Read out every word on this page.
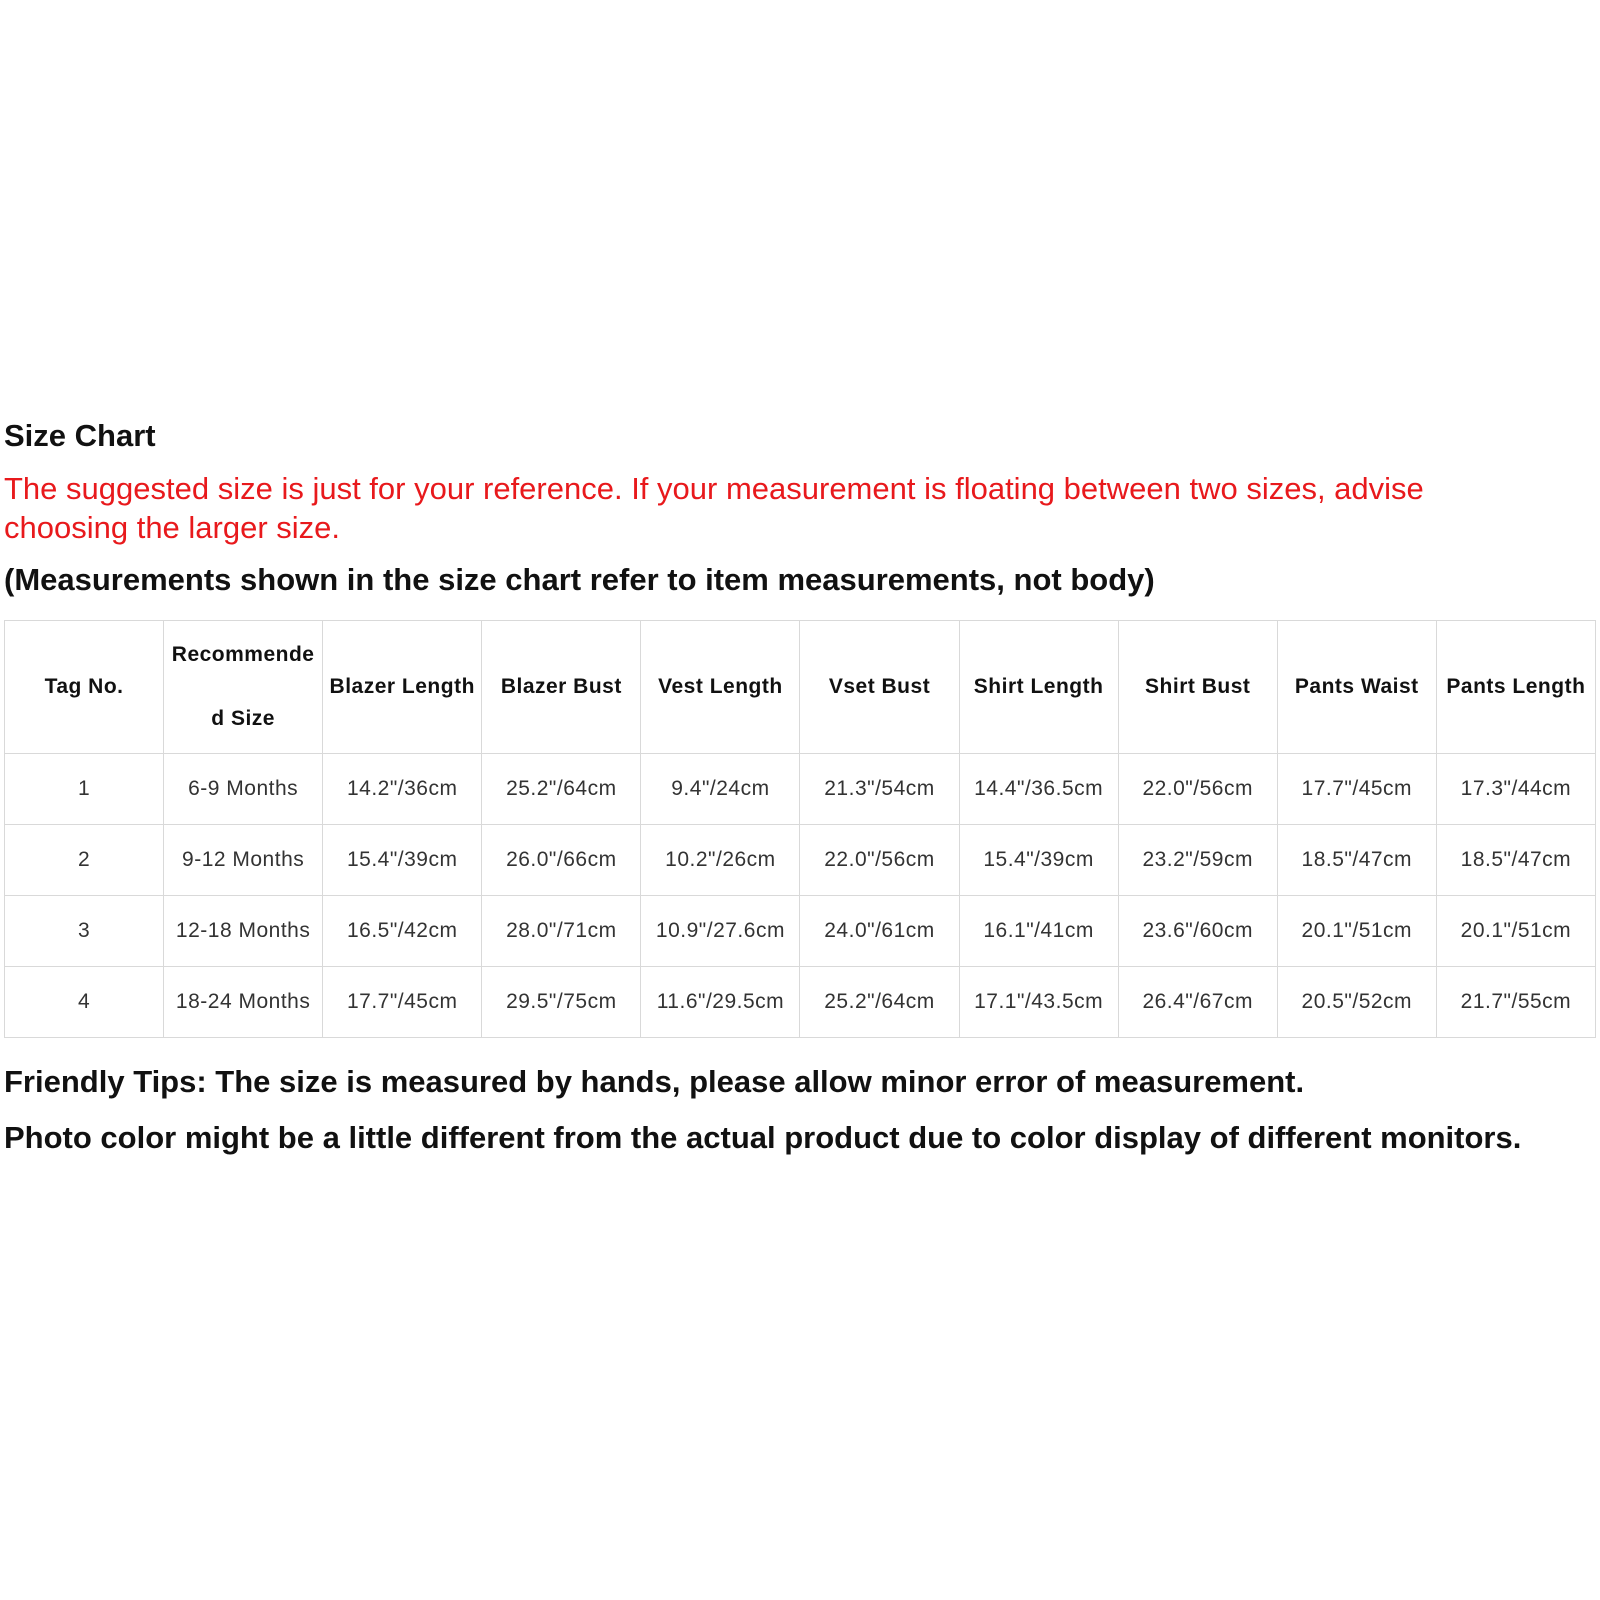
Size Chart

The suggested size is just for your reference. If your measurement is floating between two sizes, advise choosing the larger size.

(Measurements shown in the size chart refer to item measurements, not body)

Tag No.	Recommended Size	Blazer Length	Blazer Bust	Vest Length	Vset Bust	Shirt Length	Shirt Bust	Pants Waist	Pants Length
1	6-9 Months	14.2"/36cm	25.2"/64cm	9.4"/24cm	21.3"/54cm	14.4"/36.5cm	22.0"/56cm	17.7"/45cm	17.3"/44cm
2	9-12 Months	15.4"/39cm	26.0"/66cm	10.2"/26cm	22.0"/56cm	15.4"/39cm	23.2"/59cm	18.5"/47cm	18.5"/47cm
3	12-18 Months	16.5"/42cm	28.0"/71cm	10.9"/27.6cm	24.0"/61cm	16.1"/41cm	23.6"/60cm	20.1"/51cm	20.1"/51cm
4	18-24 Months	17.7"/45cm	29.5"/75cm	11.6"/29.5cm	25.2"/64cm	17.1"/43.5cm	26.4"/67cm	20.5"/52cm	21.7"/55cm

Friendly Tips: The size is measured by hands, please allow minor error of measurement.

Photo color might be a little different from the actual product due to color display of different monitors.
